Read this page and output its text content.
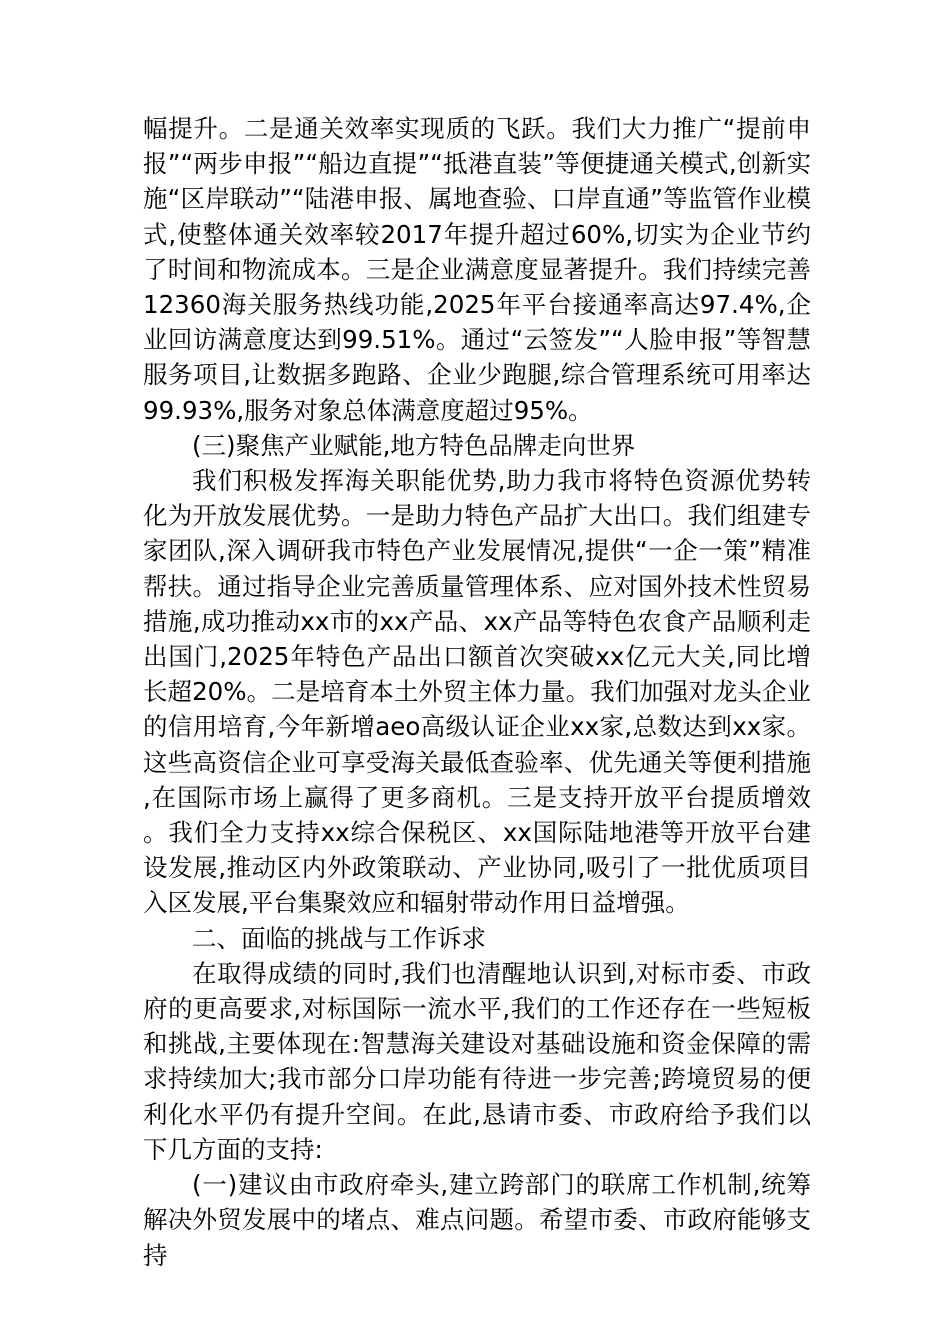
幅提升。二是通关效率实现质的飞跃。我们大力推广“提前申报”“两步申报”“船边直提”“抵港直装”等便捷通关模式,创新实施“区岸联动”“陆港申报、属地查验、口岸直通”等监管作业模式,使整体通关效率较2017年提升超过60%,切实为企业节约了时间和物流成本。三是企业满意度显著提升。我们持续完善12360海关服务热线功能,2025年平台接通率高达97.4%,企业回访满意度达到99.51%。通过“云签发”“人脸申报”等智慧服务项目,让数据多跑路、企业少跑腿,综合管理系统可用率达99.93%,服务对象总体满意度超过95%。

(三)聚焦产业赋能,地方特色品牌走向世界

我们积极发挥海关职能优势,助力我市将特色资源优势转化为开放发展优势。一是助力特色产品扩大出口。我们组建专家团队,深入调研我市特色产业发展情况,提供“一企一策”精准帮扶。通过指导企业完善质量管理体系、应对国外技术性贸易措施,成功推动xx市的xx产品、xx产品等特色农食产品顺利走出国门,2025年特色产品出口额首次突破xx亿元大关,同比增长超20%。二是培育本土外贸主体力量。我们加强对龙头企业的信用培育,今年新增aeo高级认证企业xx家,总数达到xx家。这些高资信企业可享受海关最低查验率、优先通关等便利措施,在国际市场上赢得了更多商机。三是支持开放平台提质增效。我们全力支持xx综合保税区、xx国际陆地港等开放平台建设发展,推动区内外政策联动、产业协同,吸引了一批优质项目入区发展,平台集聚效应和辐射带动作用日益增强。

二、面临的挑战与工作诉求

在取得成绩的同时,我们也清醒地认识到,对标市委、市政府的更高要求,对标国际一流水平,我们的工作还存在一些短板和挑战,主要体现在:智慧海关建设对基础设施和资金保障的需求持续加大;我市部分口岸功能有待进一步完善;跨境贸易的便利化水平仍有提升空间。在此,恳请市委、市政府给予我们以下几方面的支持:

(一)建议由市政府牵头,建立跨部门的联席工作机制,统筹解决外贸发展中的堵点、难点问题。希望市委、市政府能够支持
